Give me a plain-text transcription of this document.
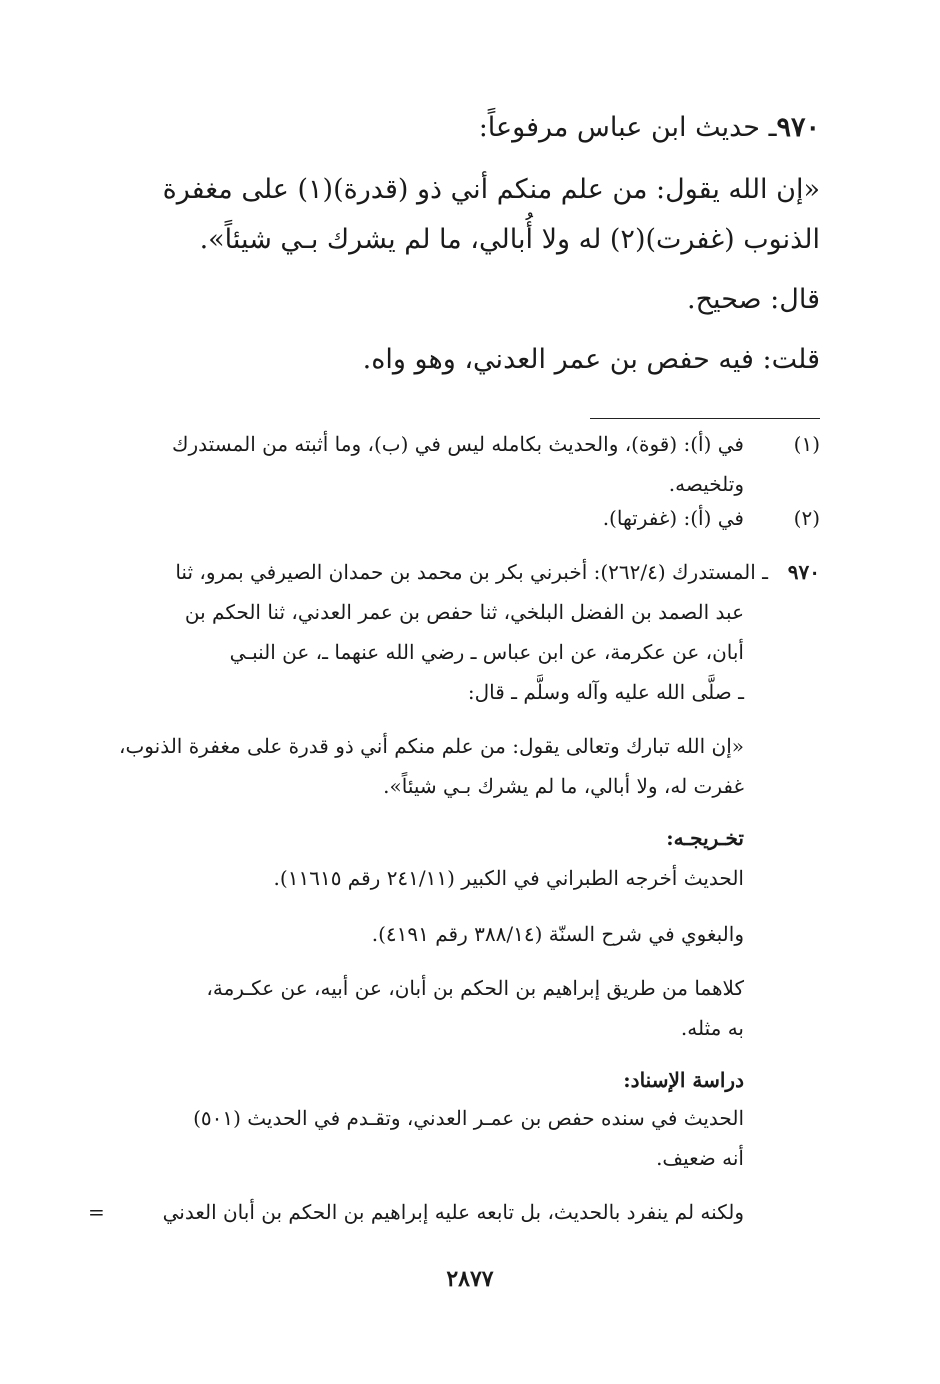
٩٧٠ـ حديث ابن عباس مرفوعاً:
«إن الله يقول: من علم منكم أني ذو (قدرة)(١) على مغفرة
الذنوب (غفرت)(٢) له ولا أُبالي، ما لم يشرك بـي شيئاً».
قال: صحيح.
قلت: فيه حفص بن عمر العدني، وهو واه.
(١)
في (أ): (قوة)، والحديث بكامله ليس في (ب)، وما أثبته من المستدرك
وتلخيصه.
(٢)
في (أ): (غفرتها).
٩٧٠
ـ المستدرك (٢٦٢/٤): أخبرني بكر بن محمد بن حمدان الصيرفي بمرو، ثنا
عبد الصمد بن الفضل البلخي، ثنا حفص بن عمر العدني، ثنا الحكم بن
أبان، عن عكرمة، عن ابن عباس ـ رضي الله عنهما ـ، عن النبـي
ـ صلَّى الله عليه وآله وسلَّم ـ قال:
«إن الله تبارك وتعالى يقول: من علم منكم أني ذو قدرة على مغفرة الذنوب،
غفرت له، ولا أبالي، ما لم يشرك بـي شيئاً».
تخـريجـه:
الحديث أخرجه الطبراني في الكبير (٢٤١/١١ رقم ١١٦١٥).
والبغوي في شرح السنّة (٣٨٨/١٤ رقم ٤١٩١).
كلاهما من طريق إبراهيم بن الحكم بن أبان، عن أبيه، عن عكـرمة،
به مثله.
دراسة الإسناد:
الحديث في سنده حفص بن عمـر العدني، وتقـدم في الحديث (٥٠١)
أنه ضعيف.
ولكنه لم ينفرد بالحديث، بل تابعه عليه إبراهيم بن الحكم بن أبان العدني
=
٢٨٧٧
